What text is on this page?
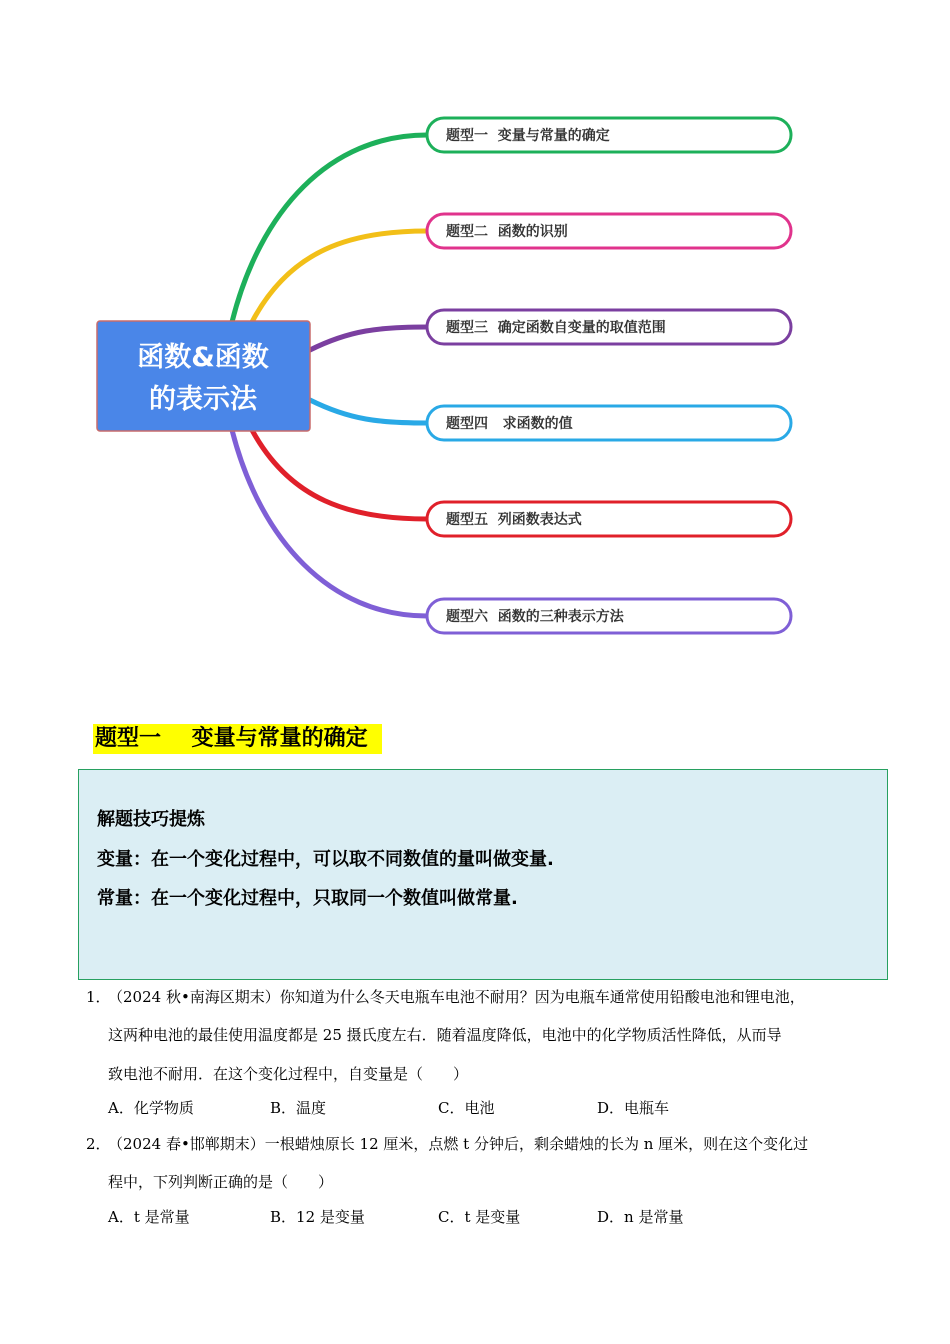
函数&函数
的表示法
题型一  变量与常量的确定
题型二  函数的识别
题型三  确定函数自变量的取值范围
题型四   求函数的值
题型五  列函数表达式
题型六  函数的三种表示方法
题型一    变量与常量的确定
解题技巧提炼
变量：在一个变化过程中，可以取不同数值的量叫做变量.
常量：在一个变化过程中，只取同一个数值叫做常量.
1．
（2024 秋•南海区期末）你知道为什么冬天电瓶车电池不耐用？因为电瓶车通常使用铅酸电池和锂电池，
这两种电池的最佳使用温度都是 25 摄氏度左右．随着温度降低，电池中的化学物质活性降低，从而导
致电池不耐用．在这个变化过程中，自变量是（　　）
A．化学物质	B．温度	C．电池	D．电瓶车
2．
（2024 春•邯郸期末）一根蜡烛原长 12 厘米，点燃 t 分钟后，剩余蜡烛的长为 n 厘米，则在这个变化过
程中，下列判断正确的是（　　）
A．t 是常量	B．12 是变量	C．t 是变量	D．n 是常量
